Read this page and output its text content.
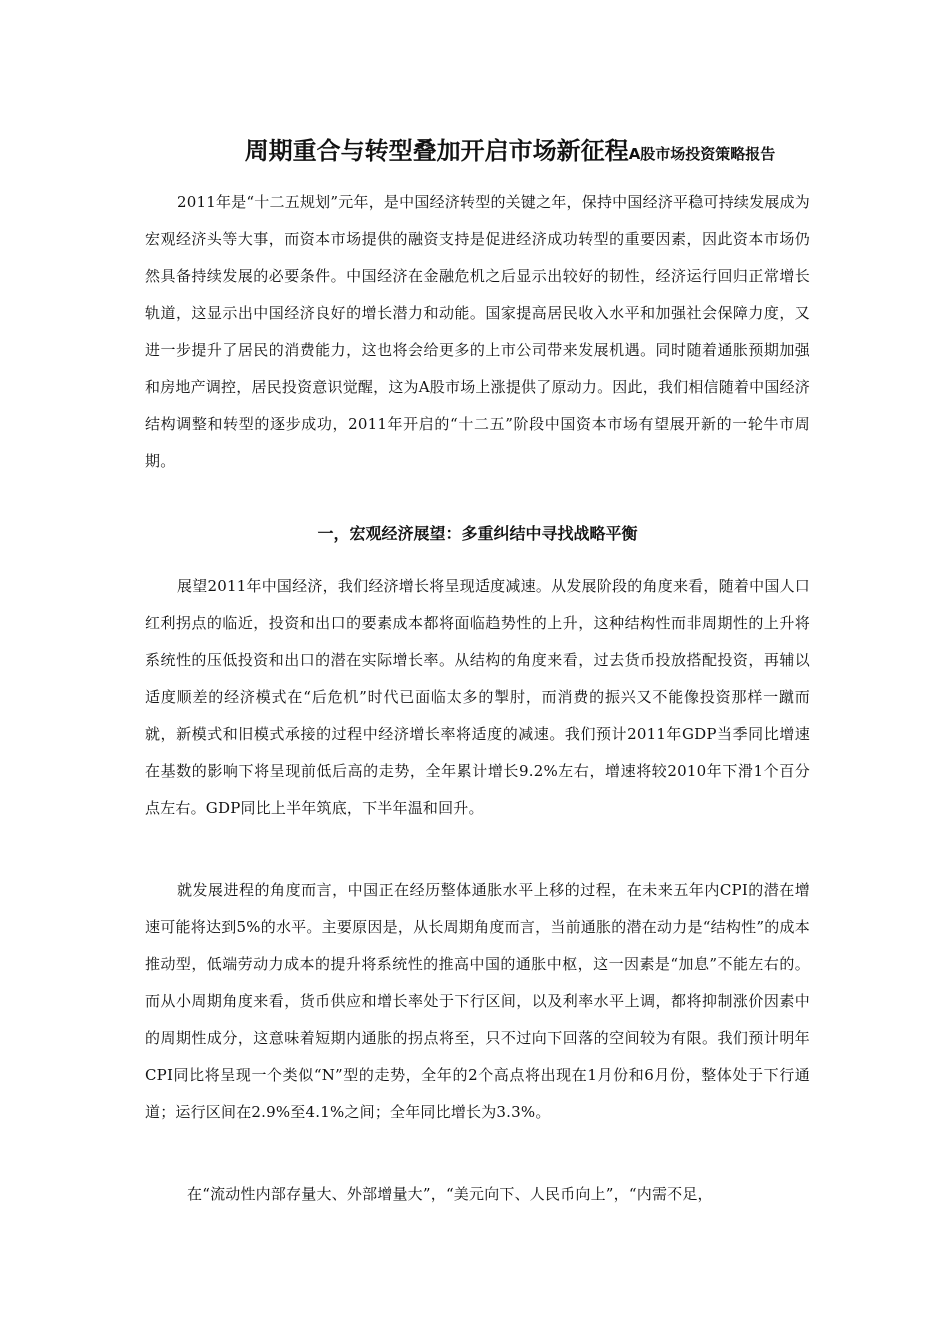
周期重合与转型叠加开启市场新征程A股市场投资策略报告

2011年是“十二五规划”元年，是中国经济转型的关键之年，保持中国经济平稳可持续发展成为宏观经济头等大事，而资本市场提供的融资支持是促进经济成功转型的重要因素，因此资本市场仍然具备持续发展的必要条件。中国经济在金融危机之后显示出较好的韧性，经济运行回归正常增长轨道，这显示出中国经济良好的增长潜力和动能。国家提高居民收入水平和加强社会保障力度，又进一步提升了居民的消费能力，这也将会给更多的上市公司带来发展机遇。同时随着通胀预期加强和房地产调控，居民投资意识觉醒，这为A股市场上涨提供了原动力。因此，我们相信随着中国经济结构调整和转型的逐步成功，2011年开启的“十二五”阶段中国资本市场有望展开新的一轮牛市周期。

一，宏观经济展望：多重纠结中寻找战略平衡

展望2011年中国经济，我们经济增长将呈现适度减速。从发展阶段的角度来看，随着中国人口红利拐点的临近，投资和出口的要素成本都将面临趋势性的上升，这种结构性而非周期性的上升将系统性的压低投资和出口的潜在实际增长率。从结构的角度来看，过去货币投放搭配投资，再辅以适度顺差的经济模式在“后危机”时代已面临太多的掣肘，而消费的振兴又不能像投资那样一蹴而就，新模式和旧模式承接的过程中经济增长率将适度的减速。我们预计2011年GDP当季同比增速在基数的影响下将呈现前低后高的走势，全年累计增长9.2%左右，增速将较2010年下滑1个百分点左右。GDP同比上半年筑底，下半年温和回升。

就发展进程的角度而言，中国正在经历整体通胀水平上移的过程，在未来五年内CPI的潜在增速可能将达到5%的水平。主要原因是，从长周期角度而言，当前通胀的潜在动力是“结构性”的成本推动型，低端劳动力成本的提升将系统性的推高中国的通胀中枢，这一因素是“加息”不能左右的。而从小周期角度来看，货币供应和增长率处于下行区间，以及利率水平上调，都将抑制涨价因素中的周期性成分，这意味着短期内通胀的拐点将至，只不过向下回落的空间较为有限。我们预计明年CPI同比将呈现一个类似“N”型的走势，全年的2个高点将出现在1月份和6月份，整体处于下行通道；运行区间在2.9%至4.1%之间；全年同比增长为3.3%。

在“流动性内部存量大、外部增量大”，“美元向下、人民币向上”，“内需不足，
